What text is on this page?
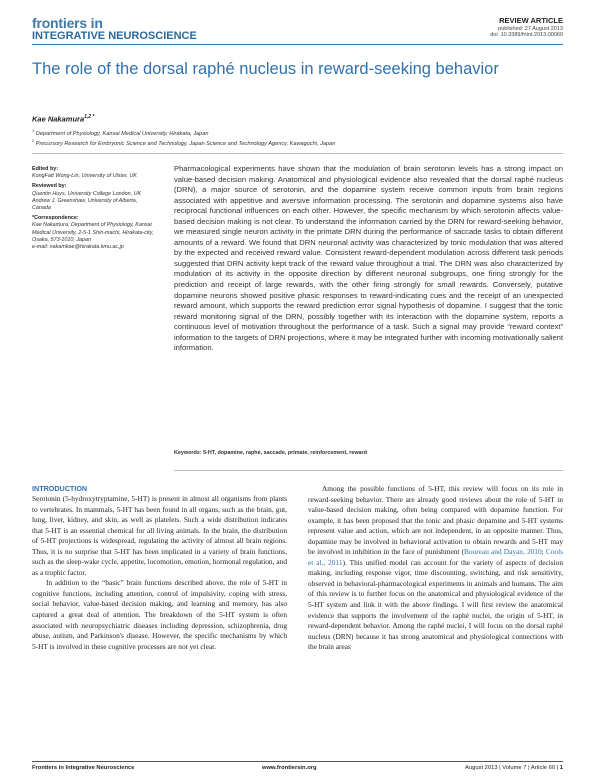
frontiers in
INTEGRATIVE NEUROSCIENCE
REVIEW ARTICLE
published: 27 August 2013
doi: 10.3389/fnint.2013.00060
The role of the dorsal raphé nucleus in reward-seeking behavior
Kae Nakamura$^{1,2 *}$
$^1$ Department of Physiology, Kansai Medical University, Hirakata, Japan
$^2$ Precursory Research for Embryonic Science and Technology, Japan Science and Technology Agency, Kawaguchi, Japan
Edited by:
KongFatt Wong-Lin, University of Ulster, UK
Reviewed by:
Quentin Huys, University College London, UK
Andrew J. Greenshaw, University of Alberta, Canada
*Correspondence:
Kae Nakamura, Department of Physiology, Kansai Medical University, 2-5-1 Shin-machi, Hirakata-city, Osaka, 573-1010, Japan
e-mail: nakamkae@hirakata.kmu.ac.jp
Pharmacological experiments have shown that the modulation of brain serotonin levels has a strong impact on value-based decision making. Anatomical and physiological evidence also revealed that the dorsal raphé nucleus (DRN), a major source of serotonin, and the dopamine system receive common inputs from brain regions associated with appetitive and aversive information processing. The serotonin and dopamine systems also have reciprocal functional influences on each other. However, the specific mechanism by which serotonin affects value-based decision making is not clear. To understand the information carried by the DRN for reward-seeking behavior, we measured single neuron activity in the primate DRN during the performance of saccade tasks to obtain different amounts of a reward. We found that DRN neuronal activity was characterized by tonic modulation that was altered by the expected and received reward value. Consistent reward-dependent modulation across different task periods suggested that DRN activity kept track of the reward value throughout a trial. The DRN was also characterized by modulation of its activity in the opposite direction by different neuronal subgroups, one firing strongly for the prediction and receipt of large rewards, with the other firing strongly for small rewards. Conversely, putative dopamine neurons showed positive phasic responses to reward-indicating cues and the receipt of an unexpected reward amount, which supports the reward prediction error signal hypothesis of dopamine. I suggest that the tonic reward monitoring signal of the DRN, possibly together with its interaction with the dopamine system, reports a continuous level of motivation throughout the performance of a task. Such a signal may provide “reward context” information to the targets of DRN projections, where it may be integrated further with incoming motivationally salient information.
Keywords: 5-HT, dopamine, raphé, saccade, primate, reinforcement, reward
INTRODUCTION

Serotonin (5-hydroxytryptamine, 5-HT) is present in almost all organisms from plants to vertebrates. In mammals, 5-HT has been found in all organs, such as the brain, gut, lung, liver, kidney, and skin, as well as platelets. Such a wide distribution indicates that 5-HT is an essential chemical for all living animals. In the brain, the distribution of 5-HT projections is widespread, regulating the activity of almost all brain regions. Thus, it is no surprise that 5-HT has been implicated in a variety of brain functions, such as the sleep-wake cycle, appetite, locomotion, emotion, hormonal regulation, and as a trophic factor.

In addition to the “basic” brain functions described above, the role of 5-HT in cognitive functions, including attention, control of impulsivity, coping with stress, social behavior, value-based decision making, and learning and memory, has also captured a great deal of attention. The breakdown of the 5-HT system is often associated with neuropsychiatric diseases including depression, schizophrenia, drug abuse, autism, and Parkinson's disease. However, the specific mechanisms by which 5-HT is involved in these cognitive processes are not yet clear.

Among the possible functions of 5-HT, this review will focus on its role in reward-seeking behavior. There are already good reviews about the role of 5-HT in value-based decision making, often being compared with dopamine function. For example, it has been proposed that the tonic and phasic dopamine and 5-HT systems represent value and action, which are not independent, in an opposite manner. Thus, dopamine may be involved in behavioral activation to obtain rewards and 5-HT may be involved in inhibition in the face of punishment (Boureau and Dayan, 2010; Cools et al., 2011). This unified model can account for the variety of aspects of decision making, including response vigor, time discounting, switching, and risk sensitivity, observed in behavioral-pharmacological experiments in animals and humans. The aim of this review is to further focus on the anatomical and physiological evidence of the 5-HT system and link it with the above findings. I will first review the anatomical evidence that supports the involvement of the raphé nuclei, the origin of 5-HT, in reward-dependent behavior. Among the raphé nuclei, I will focus on the dorsal raphé nucleus (DRN) because it has strong anatomical and physiological connections with the brain areas

Frontiers in Integrative Neuroscience	www.frontiersin.org	August 2013 | Volume 7 | Article 60 | 1
